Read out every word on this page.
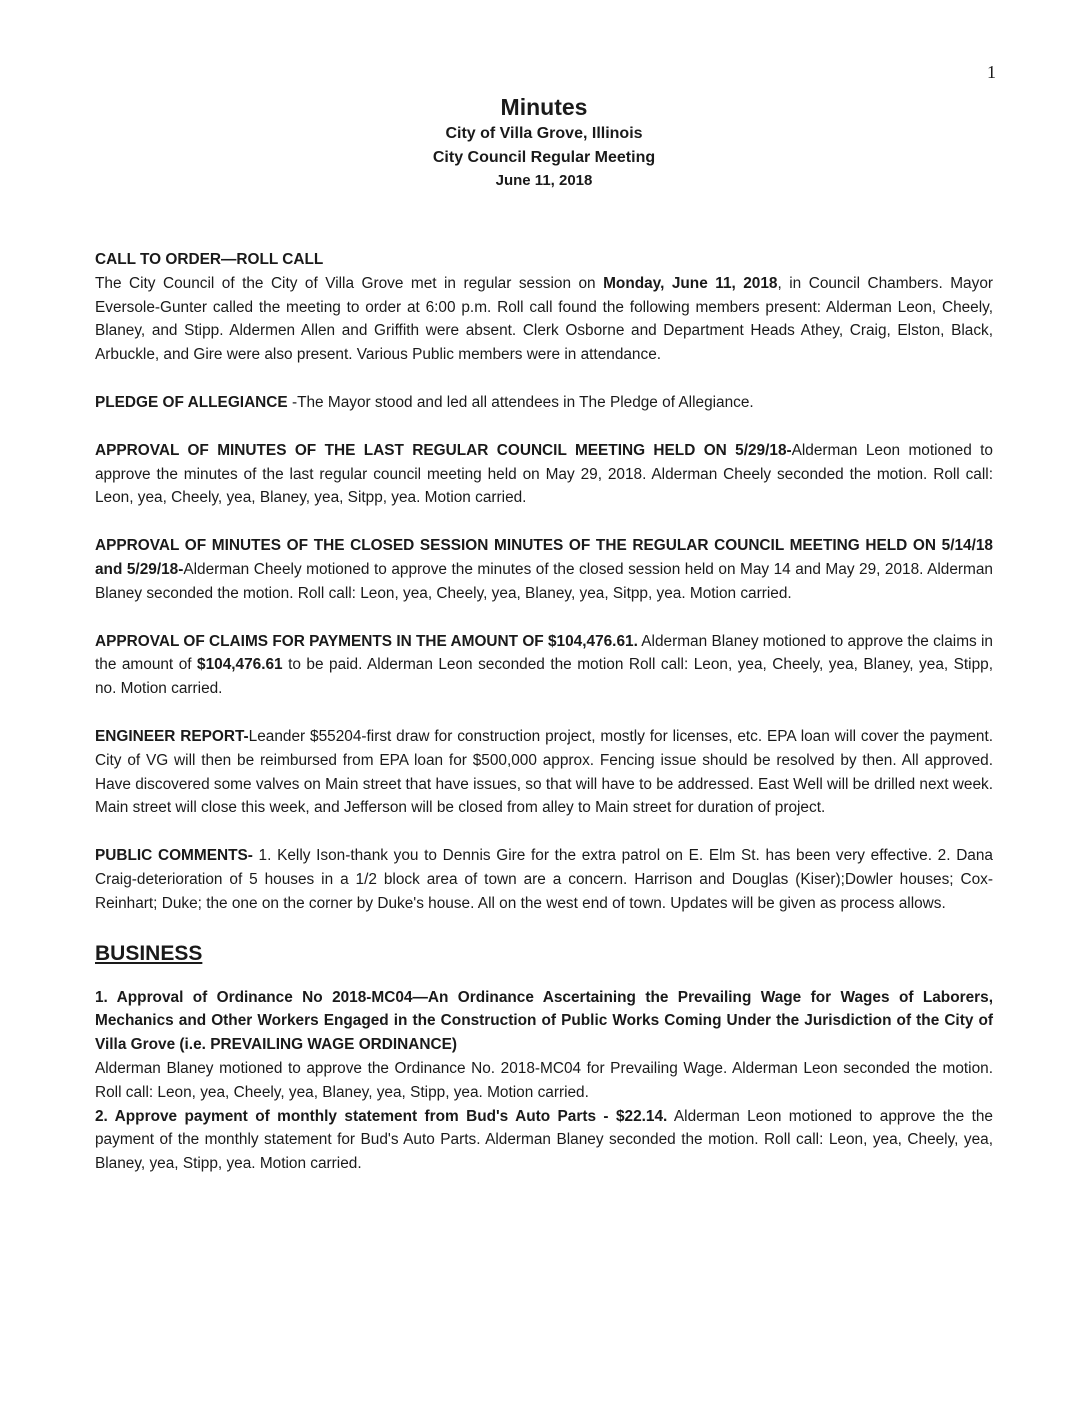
1
Minutes
City of Villa Grove, Illinois
City Council Regular Meeting
June 11, 2018
CALL TO ORDER—ROLL CALL
The City Council of the City of Villa Grove met in regular session on Monday, June 11, 2018, in Council Chambers. Mayor Eversole-Gunter called the meeting to order at 6:00 p.m. Roll call found the following members present: Alderman Leon, Cheely, Blaney, and Stipp. Aldermen Allen and Griffith were absent. Clerk Osborne and Department Heads Athey, Craig, Elston, Black, Arbuckle, and Gire were also present. Various Public members were in attendance.
PLEDGE OF ALLEGIANCE -The Mayor stood and led all attendees in The Pledge of Allegiance.
APPROVAL OF MINUTES OF THE LAST REGULAR COUNCIL MEETING HELD ON 5/29/18-Alderman Leon motioned to approve the minutes of the last regular council meeting held on May 29, 2018. Alderman Cheely seconded the motion. Roll call: Leon, yea, Cheely, yea, Blaney, yea, Sitpp, yea. Motion carried.
APPROVAL OF MINUTES OF THE CLOSED SESSION MINUTES OF THE REGULAR COUNCIL MEETING HELD ON 5/14/18 and 5/29/18-Alderman Cheely motioned to approve the minutes of the closed session held on May 14 and May 29, 2018. Alderman Blaney seconded the motion. Roll call: Leon, yea, Cheely, yea, Blaney, yea, Sitpp, yea. Motion carried.
APPROVAL OF CLAIMS FOR PAYMENTS IN THE AMOUNT OF $104,476.61. Alderman Blaney motioned to approve the claims in the amount of $104,476.61 to be paid. Alderman Leon seconded the motion Roll call: Leon, yea, Cheely, yea, Blaney, yea, Stipp, no. Motion carried.
ENGINEER REPORT-Leander $55204-first draw for construction project, mostly for licenses, etc. EPA loan will cover the payment. City of VG will then be reimbursed from EPA loan for $500,000 approx. Fencing issue should be resolved by then. All approved. Have discovered some valves on Main street that have issues, so that will have to be addressed. East Well will be drilled next week. Main street will close this week, and Jefferson will be closed from alley to Main street for duration of project.
PUBLIC COMMENTS- 1. Kelly Ison-thank you to Dennis Gire for the extra patrol on E. Elm St. has been very effective. 2. Dana Craig-deterioration of 5 houses in a 1/2 block area of town are a concern. Harrison and Douglas (Kiser);Dowler houses; Cox-Reinhart; Duke; the one on the corner by Duke's house. All on the west end of town. Updates will be given as process allows.
BUSINESS
1. Approval of Ordinance No 2018-MC04—An Ordinance Ascertaining the Prevailing Wage for Wages of Laborers, Mechanics and Other Workers Engaged in the Construction of Public Works Coming Under the Jurisdiction of the City of Villa Grove (i.e. PREVAILING WAGE ORDINANCE)
Alderman Blaney motioned to approve the Ordinance No. 2018-MC04 for Prevailing Wage. Alderman Leon seconded the motion. Roll call: Leon, yea, Cheely, yea, Blaney, yea, Stipp, yea. Motion carried.
2. Approve payment of monthly statement from Bud's Auto Parts - $22.14. Alderman Leon motioned to approve the the payment of the monthly statement for Bud's Auto Parts. Alderman Blaney seconded the motion. Roll call: Leon, yea, Cheely, yea, Blaney, yea, Stipp, yea. Motion carried.
